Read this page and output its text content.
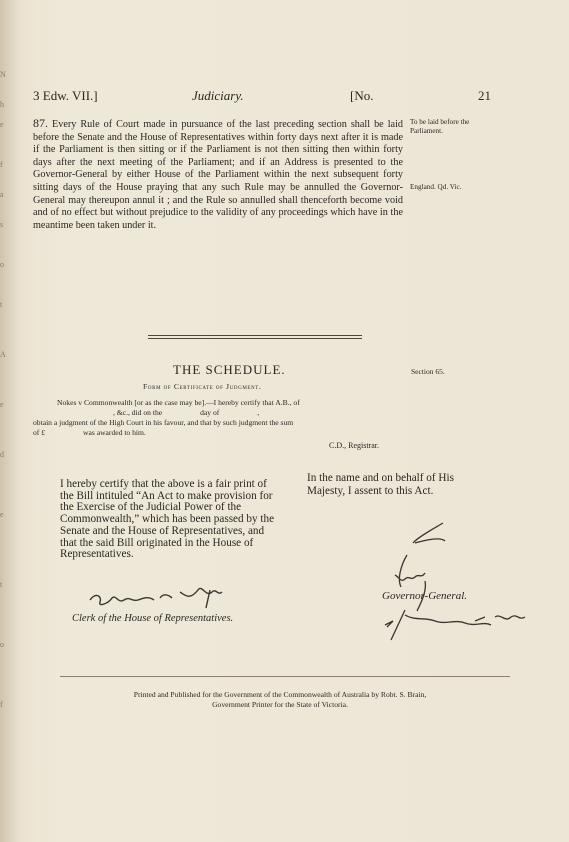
N
h
e
f
a
s
o
t
A
e
d
e
t
o
f
3 Edw. VII.]	Judiciary.	[No.	21
87. Every Rule of Court made in pursuance of the last preceding section shall be laid before the Senate and the House of Representatives within forty days next after it is made if the Parliament is then sitting or if the Parliament is not then sitting then within forty days after the next meeting of the Parliament; and if an Address is presented to the Governor-General by either House of the Parliament within the next subsequent forty sitting days of the House praying that any such Rule may be annulled the Governor-General may thereupon annul it ; and the Rule so annulled shall thenceforth become void and of no effect but without prejudice to the validity of any proceedings which have in the meantime been taken under it.
To be laid before the Parliament.
England. Qd. Vic.
THE SCHEDULE.	Section 65.
Form of Certificate of Judgment.
Nokes v Commonwealth [or as the case may be].—I hereby certify that A.B., of
, &c., did on the                    day of                    ,
obtain a judgment of the High Court in his favour, and that by such judgment the sum
of £                    was awarded to him.
C.D., Registrar.
I hereby certify that the above is a fair print of the Bill intituled “An Act to make provision for the Exercise of the Judicial Power of the Commonwealth,” which has been passed by the Senate and the House of Representatives, and that the said Bill originated in the House of Representatives.
In the name and on behalf of His Majesty, I assent to this Act.
Clerk of the House of Representatives.
Governor-General.
Printed and Published for the Government of the Commonwealth of Australia by Robt. S. Brain,
Government Printer for the State of Victoria.
